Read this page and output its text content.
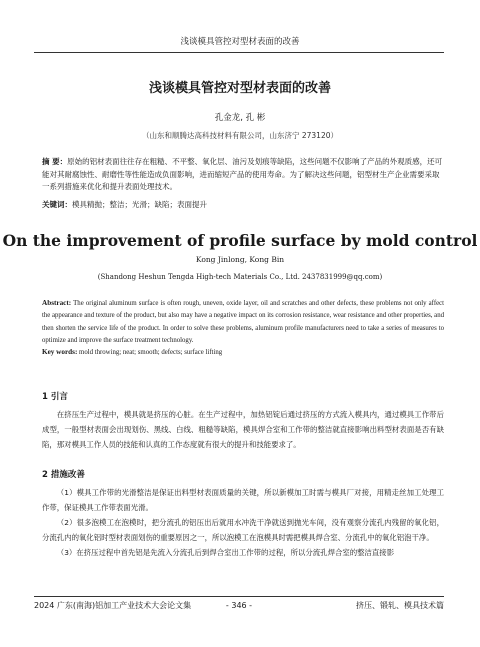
浅谈模具管控对型材表面的改善
浅谈模具管控对型材表面的改善
孔金龙, 孔 彬
（山东和顺腾达高科技材料有限公司，山东济宁 273120）
摘 要：原始的铝材表面往往存在粗糙、不平整、氧化层、油污及划痕等缺陷，这些问题不仅影响了产品的外观质感，还可能对其耐腐蚀性、耐磨性等性能造成负面影响，进而缩短产品的使用寿命。为了解决这些问题，铝型材生产企业需要采取一系列措施来优化和提升表面处理技术。
关键词：模具精抛；整洁；光滑；缺陷；表面提升
On the improvement of profile surface by mold control
Kong Jinlong, Kong Bin
(Shandong Heshun Tengda High-tech Materials Co., Ltd. 2437831999@qq.com)
Abstract: The original aluminum surface is often rough, uneven, oxide layer, oil and scratches and other defects, these problems not only affect the appearance and texture of the product, but also may have a negative impact on its corrosion resistance, wear resistance and other properties, and then shorten the service life of the product. In order to solve these problems, aluminum profile manufacturers need to take a series of measures to optimize and improve the surface treatment technology.
Key words: mold throwing; neat; smooth; defects; surface lifting
1 引言

在挤压生产过程中，模具就是挤压的心脏。在生产过程中，加热铝锭后通过挤压的方式流入模具内，通过模具工作带后成型，一般型材表面会出现划伤、黑线、白线、粗糙等缺陷，模具焊合室和工作带的整洁就直接影响出料型材表面是否有缺陷，那对模具工作人员的技能和认真的工作态度就有很大的提升和技能要求了。

2 措施改善

（1）模具工作带的光滑整洁是保证出料型材表面质量的关键，所以新模加工时需与模具厂对接，用精走丝加工处理工作带，保证模具工作带表面光滑。

（2）很多泡模工在泡模时，把分流孔的铝压出后就用水冲洗干净就送到抛光车间，没有观察分流孔内残留的氧化铝，分流孔内的氧化铝时型材表面划伤的重要原因之一，所以泡模工在泡模具时需把模具焊合室、分流孔中的氧化铝泡干净。

（3）在挤压过程中首先铝是先流入分流孔后到焊合室出工作带的过程，所以分流孔焊合室的整洁直接影

2024 广东(南海)铝加工产业技术大会论文集	- 346 -	挤压、锻轧、模具技术篇
